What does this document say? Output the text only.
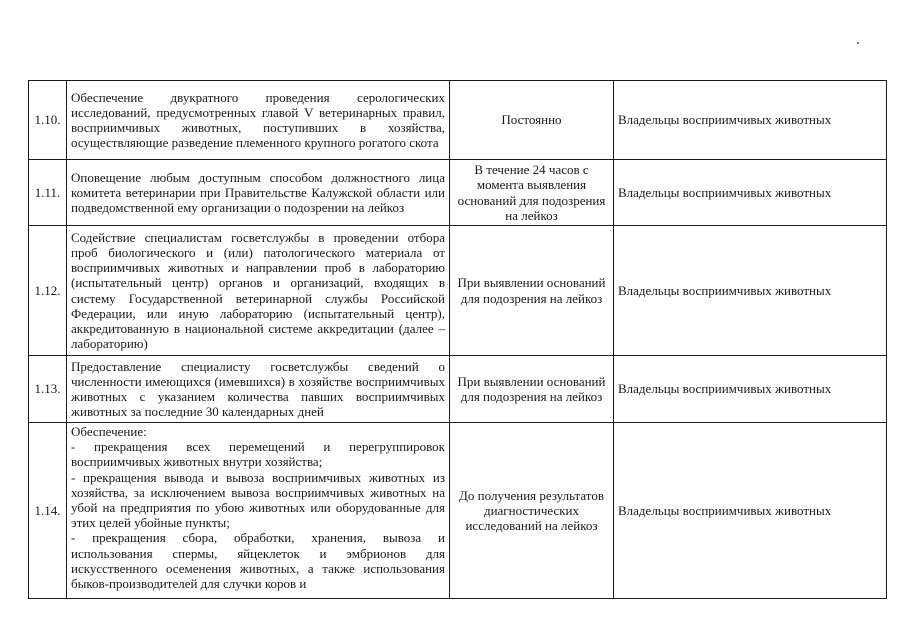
1.10.	Обеспечение двукратного проведения серологических исследований, предусмотренных главой V ветеринарных правил, восприимчивых животных, поступивших в хозяйства, осуществляющие разведение племенного крупного рогатого скота	Постоянно	Владельцы восприимчивых животных
1.11.	Оповещение любым доступным способом должностного лица комитета ветеринарии при Правительстве Калужской области или подведомственной ему организации о подозрении на лейкоз	В течение 24 часов с момента выявления оснований для подозрения на лейкоз	Владельцы восприимчивых животных
1.12.	Содействие специалистам госветслужбы в проведении отбора проб биологического и (или) патологического материала от восприимчивых животных и направлении проб в лабораторию (испытательный центр) органов и организаций, входящих в систему Государственной ветеринарной службы Российской Федерации, или иную лабораторию (испытательный центр), аккредитованную в национальной системе аккредитации (далее – лабораторию)	При выявлении оснований для подозрения на лейкоз	Владельцы восприимчивых животных
1.13.	Предоставление специалисту госветслужбы сведений о численности имеющихся (имевшихся) в хозяйстве восприимчивых животных с указанием количества павших восприимчивых животных за последние 30 календарных дней	При выявлении оснований для подозрения на лейкоз	Владельцы восприимчивых животных
1.14.	Обеспечение:
- прекращения всех перемещений и перегруппировок восприимчивых животных внутри хозяйства;
- прекращения вывода и вывоза восприимчивых животных из хозяйства, за исключением вывоза восприимчивых животных на убой на предприятия по убою животных или оборудованные для этих целей убойные пункты;
- прекращения сбора, обработки, хранения, вывоза и использования спермы, яйцеклеток и эмбрионов для искусственного осеменения животных, а также использования быков-производителей для случки коров и	До получения результатов диагностических исследований на лейкоз	Владельцы восприимчивых животных
